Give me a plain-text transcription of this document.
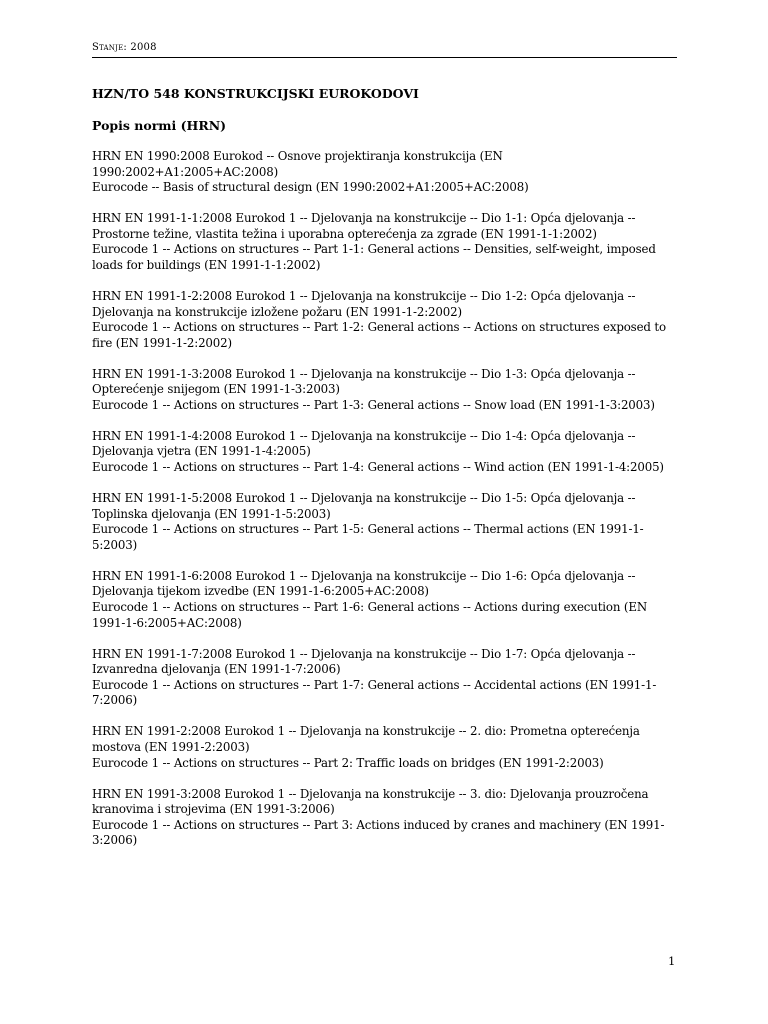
Stanje: 2008
HZN/TO 548 KONSTRUKCIJSKI EUROKODOVI
Popis normi (HRN)

HRN EN 1990:2008 Eurokod -- Osnove projektiranja konstrukcija (EN 1990:2002+A1:2005+AC:2008)

Eurocode -- Basis of structural design (EN 1990:2002+A1:2005+AC:2008)

HRN EN 1991-1-1:2008 Eurokod 1 -- Djelovanja na konstrukcije -- Dio 1-1: Opća djelovanja -- Prostorne težine, vlastita težina i uporabna opterećenja za zgrade (EN 1991-1-1:2002)

Eurocode 1 -- Actions on structures -- Part 1-1: General actions -- Densities, self-weight, imposed loads for buildings (EN 1991-1-1:2002)

HRN EN 1991-1-2:2008 Eurokod 1 -- Djelovanja na konstrukcije -- Dio 1-2: Opća djelovanja -- Djelovanja na konstrukcije izložene požaru (EN 1991-1-2:2002)

Eurocode 1 -- Actions on structures -- Part 1-2: General actions -- Actions on structures exposed to fire (EN 1991-1-2:2002)

HRN EN 1991-1-3:2008 Eurokod 1 -- Djelovanja na konstrukcije -- Dio 1-3: Opća djelovanja -- Opterećenje snijegom (EN 1991-1-3:2003)

Eurocode 1 -- Actions on structures -- Part 1-3: General actions -- Snow load (EN 1991-1-3:2003)

HRN EN 1991-1-4:2008 Eurokod 1 -- Djelovanja na konstrukcije -- Dio 1-4: Opća djelovanja -- Djelovanja vjetra (EN 1991-1-4:2005)

Eurocode 1 -- Actions on structures -- Part 1-4: General actions -- Wind action (EN 1991-1-4:2005)

HRN EN 1991-1-5:2008 Eurokod 1 -- Djelovanja na konstrukcije -- Dio 1-5: Opća djelovanja -- Toplinska djelovanja (EN 1991-1-5:2003)

Eurocode 1 -- Actions on structures -- Part 1-5: General actions -- Thermal actions (EN 1991-1-5:2003)

HRN EN 1991-1-6:2008 Eurokod 1 -- Djelovanja na konstrukcije -- Dio 1-6: Opća djelovanja -- Djelovanja tijekom izvedbe (EN 1991-1-6:2005+AC:2008)

Eurocode 1 -- Actions on structures -- Part 1-6: General actions -- Actions during execution (EN 1991-1-6:2005+AC:2008)

HRN EN 1991-1-7:2008 Eurokod 1 -- Djelovanja na konstrukcije -- Dio 1-7: Opća djelovanja -- Izvanredna djelovanja (EN 1991-1-7:2006)

Eurocode 1 -- Actions on structures -- Part 1-7: General actions -- Accidental actions (EN 1991-1-7:2006)

HRN EN 1991-2:2008 Eurokod 1 -- Djelovanja na konstrukcije -- 2. dio: Prometna opterećenja mostova (EN 1991-2:2003)

Eurocode 1 -- Actions on structures -- Part 2: Traffic loads on bridges (EN 1991-2:2003)

HRN EN 1991-3:2008 Eurokod 1 -- Djelovanja na konstrukcije -- 3. dio: Djelovanja prouzročena kranovima i strojevima (EN 1991-3:2006)

Eurocode 1 -- Actions on structures -- Part 3: Actions induced by cranes and machinery (EN 1991-3:2006)

1
